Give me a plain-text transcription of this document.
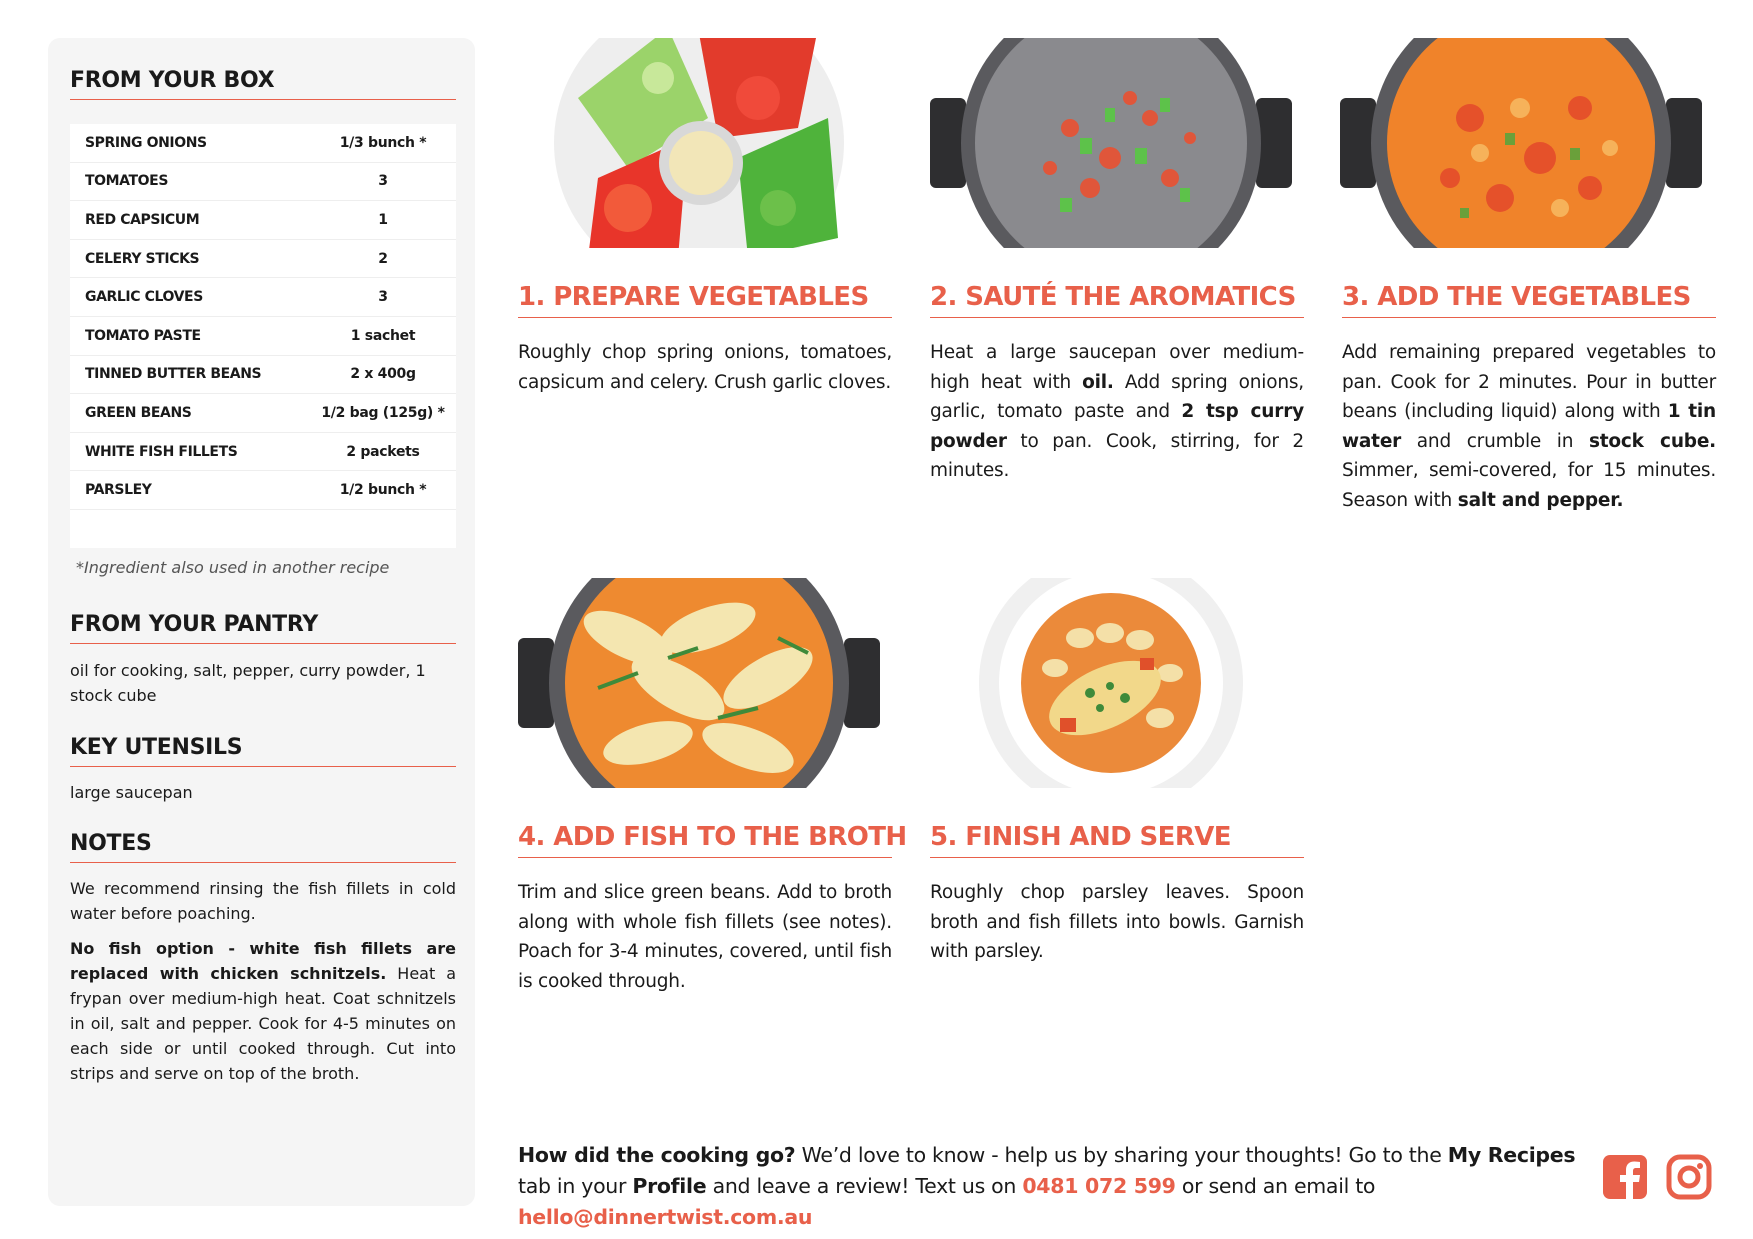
FROM YOUR BOX
SPRING ONIONS	1/3 bunch *
TOMATOES	3
RED CAPSICUM	1
CELERY STICKS	2
GARLIC CLOVES	3
TOMATO PASTE	1 sachet
TINNED BUTTER BEANS	2 x 400g
GREEN BEANS	1/2 bag (125g) *
WHITE FISH FILLETS	2 packets
PARSLEY	1/2 bunch *
*Ingredient also used in another recipe
FROM YOUR PANTRY
oil for cooking, salt, pepper, curry powder, 1 stock cube
KEY UTENSILS
large saucepan
NOTES
We recommend rinsing the fish fillets in cold water before poaching.
No fish option - white fish fillets are replaced with chicken schnitzels. Heat a frypan over medium-high heat. Coat schnitzels in oil, salt and pepper. Cook for 4-5 minutes on each side or until cooked through. Cut into strips and serve on top of the broth.
1. PREPARE VEGETABLES	2. SAUTÉ THE AROMATICS	3. ADD THE VEGETABLES
4. ADD FISH TO THE BROTH 5. FINISH AND SERVE
Roughly chop spring onions, tomatoes, capsicum and celery. Crush garlic cloves.
Heat a large saucepan over medium-high heat with oil. Add spring onions, garlic, tomato paste and 2 tsp curry powder to pan. Cook, stirring, for 2 minutes.
Add remaining prepared vegetables to pan. Cook for 2 minutes. Pour in butter beans (including liquid) along with 1 tin water and crumble in stock cube. Simmer, semi-covered, for 15 minutes. Season with salt and pepper.
Trim and slice green beans. Add to broth along with whole fish fillets (see notes). Poach for 3-4 minutes, covered, until fish is cooked through.
Roughly chop parsley leaves. Spoon broth and fish fillets into bowls. Garnish with parsley.
How did the cooking go? We’d love to know - help us by sharing your thoughts! Go to the My Recipes tab in your Profile and leave a review! Text us on 0481 072 599 or send an email to hello@dinnertwist.com.au
